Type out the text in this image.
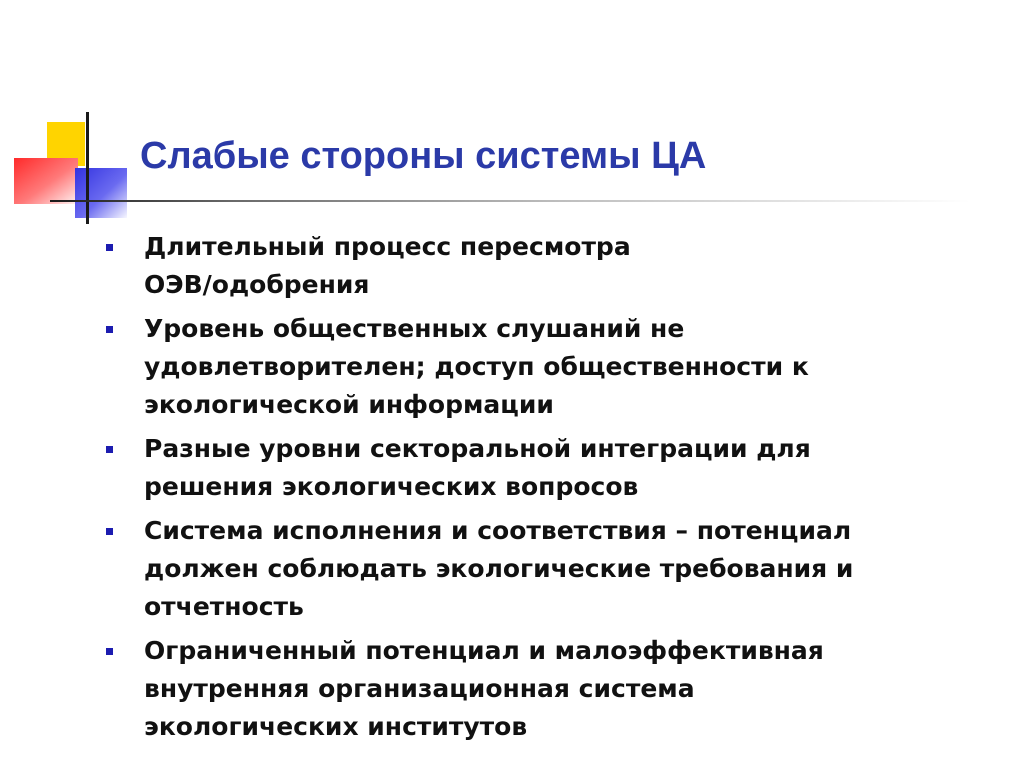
Слабые стороны системы ЦА
Длительный процесс пересмотра
ОЭВ/одобрения
Уровень общественных слушаний не
удовлетворителен; доступ общественности к
экологической информации
Разные уровни секторальной интеграции для
решения экологических вопросов
Система исполнения и соответствия – потенциал
должен соблюдать экологические требования и
отчетность
Ограниченный потенциал и малоэффективная
внутренняя организационная система
экологических институтов
